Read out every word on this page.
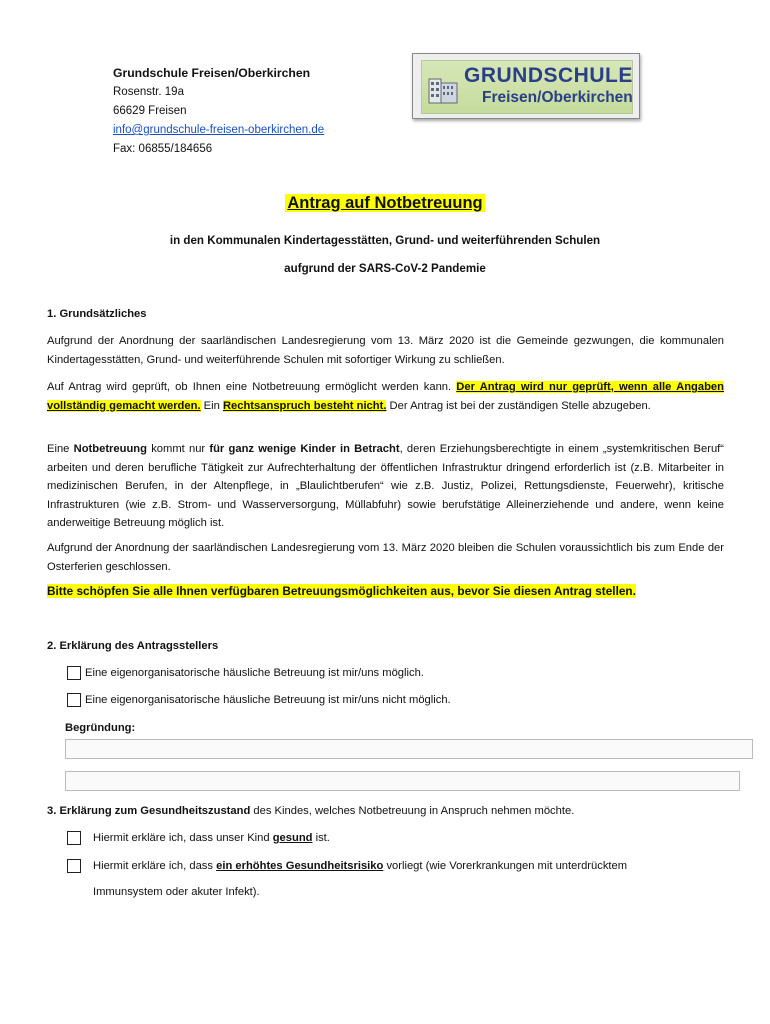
Grundschule Freisen/Oberkirchen
Rosenstr. 19a
66629 Freisen
info@grundschule-freisen-oberkirchen.de
Fax: 06855/184656
GRUNDSCHULE
Freisen/Oberkirchen
Antrag auf Notbetreuung
in den Kommunalen Kindertagesstätten, Grund- und weiterführenden Schulen
aufgrund der SARS-CoV-2 Pandemie
1. Grundsätzliches
Aufgrund der Anordnung der saarländischen Landesregierung vom 13. März 2020 ist die Gemeinde gezwungen, die kommunalen Kindertagesstätten, Grund- und weiterführende Schulen mit sofortiger Wirkung zu schließen.
Auf Antrag wird geprüft, ob Ihnen eine Notbetreuung ermöglicht werden kann. Der Antrag wird nur geprüft, wenn alle Angaben vollständig gemacht werden. Ein Rechtsanspruch besteht nicht. Der Antrag ist bei der zuständigen Stelle abzugeben.
Eine Notbetreuung kommt nur für ganz wenige Kinder in Betracht, deren Erziehungsberechtigte in einem „systemkritischen Beruf“ arbeiten und deren berufliche Tätigkeit zur Aufrechterhaltung der öffentlichen Infrastruktur dringend erforderlich ist (z.B. Mitarbeiter in medizinischen Berufen, in der Altenpflege, in „Blaulichtberufen“ wie z.B. Justiz, Polizei, Rettungsdienste, Feuerwehr), kritische Infrastrukturen (wie z.B. Strom- und Wasserversorgung, Müllabfuhr) sowie berufstätige Alleinerziehende und andere, wenn keine anderweitige Betreuung möglich ist.
Aufgrund der Anordnung der saarländischen Landesregierung vom 13. März 2020 bleiben die Schulen voraussichtlich bis zum Ende der Osterferien geschlossen.
Bitte schöpfen Sie alle Ihnen verfügbaren Betreuungsmöglichkeiten aus, bevor Sie diesen Antrag stellen.
2. Erklärung des Antragsstellers
Eine eigenorganisatorische häusliche Betreuung ist mir/uns möglich.
Eine eigenorganisatorische häusliche Betreuung ist mir/uns nicht möglich.
Begründung:
3. Erklärung zum Gesundheitszustand des Kindes, welches Notbetreuung in Anspruch nehmen möchte.
Hiermit erkläre ich, dass unser Kind gesund ist.
Hiermit erkläre ich, dass ein erhöhtes Gesundheitsrisiko vorliegt (wie Vorerkrankungen mit unterdrücktem
Immunsystem oder akuter Infekt).
